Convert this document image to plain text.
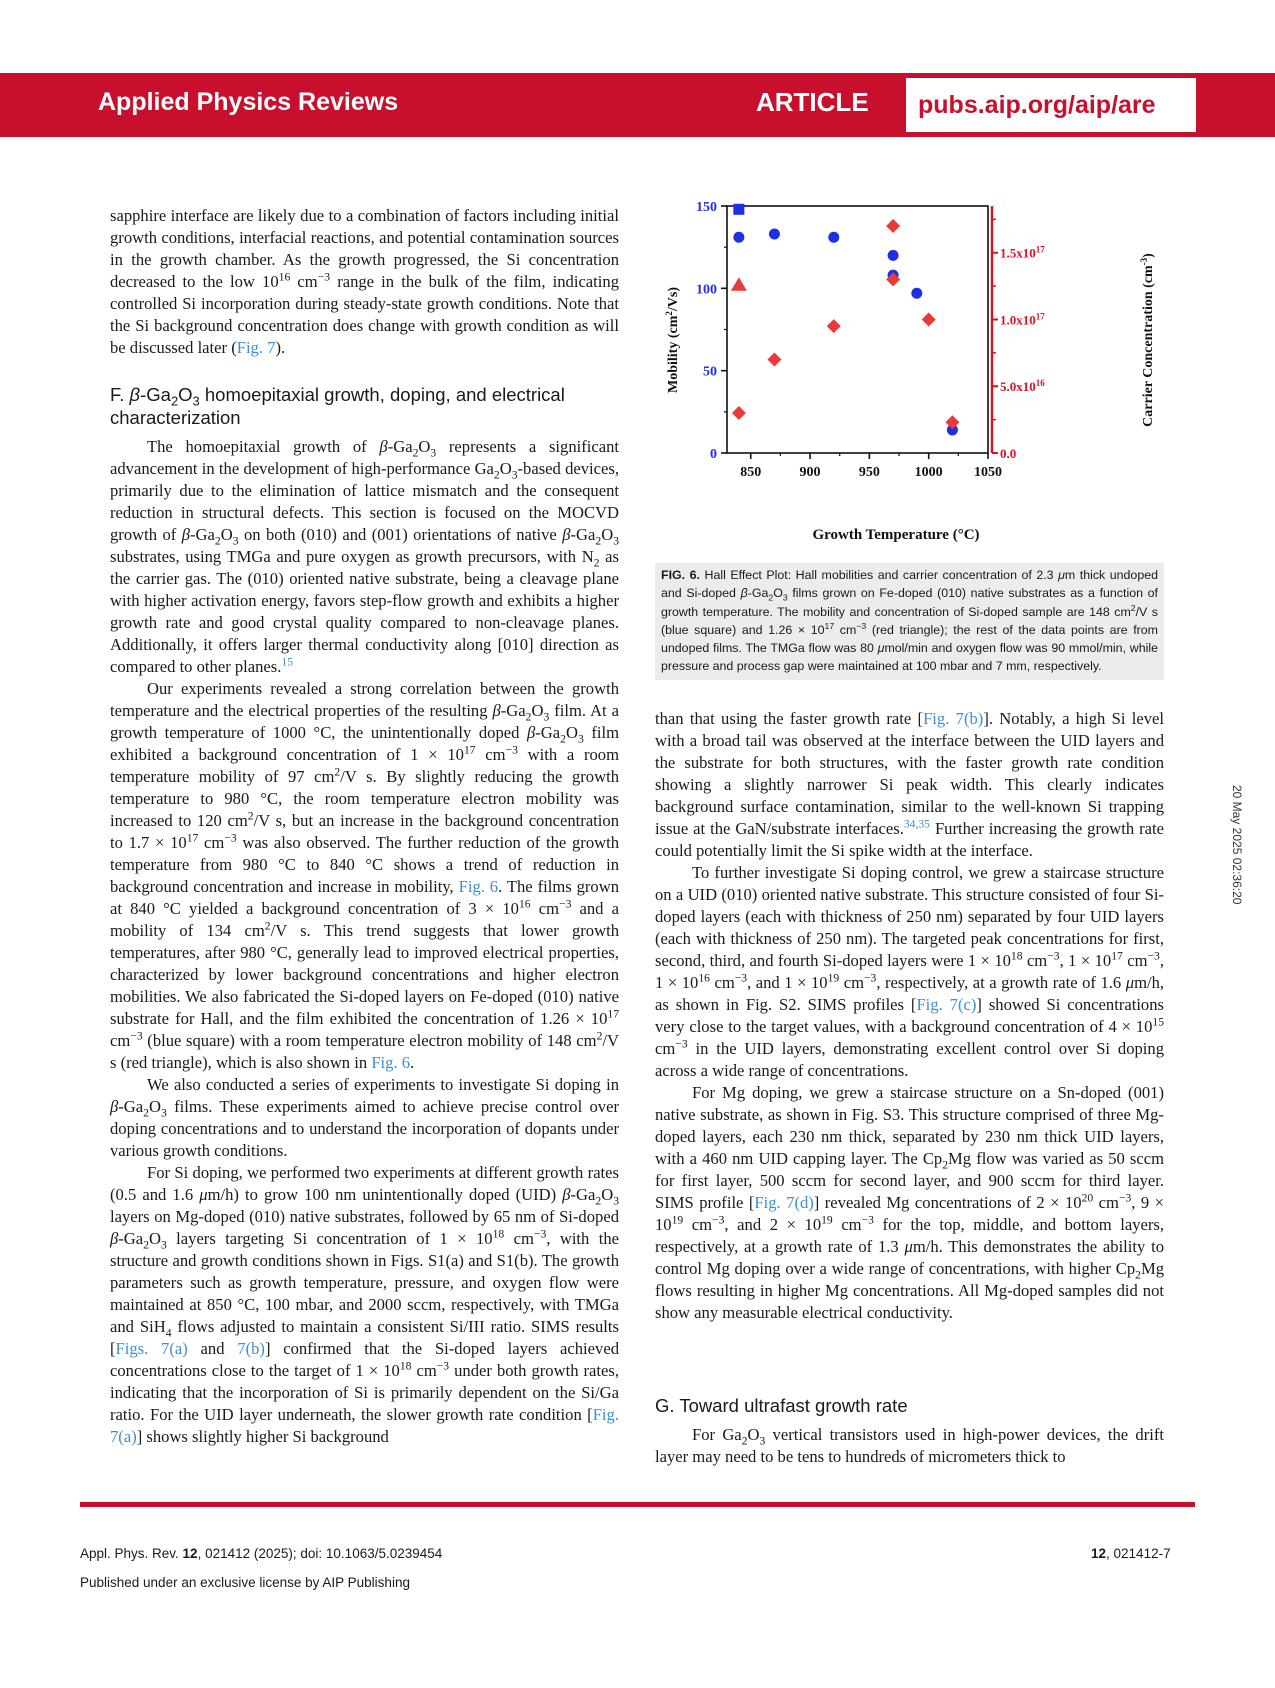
Applied Physics Reviews	ARTICLE pubs.aip.org/aip/are

sapphire interface are likely due to a combination of factors including initial growth conditions, interfacial reactions, and potential contamination sources in the growth chamber. As the growth progressed, the Si concentration decreased to the low $10^{16}$ $cm^{-3}$ range in the bulk of the film, indicating controlled Si incorporation during steady-state growth conditions. Note that the Si background concentration does change with growth condition as will be discussed later (Fig. 7).

F. $\beta-Ga_2O_3$ homoepitaxial growth, doping, and electrical characterization

The homoepitaxial growth of $\beta-Ga_2O_3$ represents a significant advancement in the development of high-performance $Ga_2O_3$-based devices, primarily due to the elimination of lattice mismatch and the consequent reduction in structural defects. This section is focused on the MOCVD growth of $\beta-Ga_2O_3$ on both (010) and (001) orientations of native $\beta-Ga_2O_3$ substrates, using TMGa and pure oxygen as growth precursors, with $N_2$ as the carrier gas. The (010) oriented native substrate, being a cleavage plane with higher activation energy, favors step-flow growth and exhibits a higher growth rate and good crystal quality compared to non-cleavage planes. Additionally, it offers larger thermal conductivity along [010] direction as compared to other planes.$^{15}$

Our experiments revealed a strong correlation between the growth temperature and the electrical properties of the resulting $\beta-Ga_2O_3$ film. At a growth temperature of 1000 °C, the unintentionally doped $\beta-Ga_2O_3$ film exhibited a background concentration of $1 \times 10^{17}$ $cm^{-3}$ with a room temperature mobility of 97 $cm^2/V$ s. By slightly reducing the growth temperature to 980 °C, the room temperature electron mobility was increased to 120 $cm^2/V$ s, but an increase in the background concentration to $1.7 \times 10^{17}$ $cm^{-3}$ was also observed. The further reduction of the growth temperature from 980 °C to 840 °C shows a trend of reduction in background concentration and increase in mobility, Fig. 6. The films grown at 840 °C yielded a background concentration of $3 \times 10^{16}$ $cm^{-3}$ and a mobility of 134 $cm^2/V$ s. This trend suggests that lower growth temperatures, after 980 °C, generally lead to improved electrical properties, characterized by lower background concentrations and higher electron mobilities. We also fabricated the Si-doped layers on Fe-doped (010) native substrate for Hall, and the film exhibited the concentration of $1.26 \times 10^{17}$ $cm^{-3}$ (blue square) with a room temperature electron mobility of 148 $cm^2/V$ s (red triangle), which is also shown in Fig. 6.

We also conducted a series of experiments to investigate Si doping in $\beta-Ga_2O_3$ films. These experiments aimed to achieve precise control over doping concentrations and to understand the incorporation of dopants under various growth conditions.

For Si doping, we performed two experiments at different growth rates (0.5 and 1.6 μm/h) to grow 100 nm unintentionally doped (UID) $\beta-Ga_2O_3$ layers on Mg-doped (010) native substrates, followed by 65 nm of Si-doped $\beta-Ga_2O_3$ layers targeting Si concentration of $1 \times 10^{18}$ $cm^{-3}$, with the structure and growth conditions shown in Figs. S1(a) and S1(b). The growth parameters such as growth temperature, pressure, and oxygen flow were maintained at 850 °C, 100 mbar, and 2000 sccm, respectively, with TMGa and SiH$_4$ flows adjusted to maintain a consistent Si/III ratio. SIMS results [Figs. 7(a) and 7(b)] confirmed that the Si-doped layers achieved concentrations close to the target of $1 \times 10^{18}$ $cm^{-3}$ under both growth rates, indicating that the incorporation of Si is primarily dependent on the Si/Ga ratio. For the UID layer underneath, the slower growth rate condition [Fig. 7(a)] shows slightly higher Si background

0
50
100
150
0.0
$5.0x10^{16}$
$1.0x10^{17}$
$1.5x10^{17}$
850	900	950 1000 1050
Growth Temperature (°C)
Mobility $(cm^2/Vs)$	Carrier Concentration $(cm^{-3})$
FIG. 6. Hall Effect Plot: Hall mobilities and carrier concentration of 2.3 μm thick undoped and Si-doped $\beta-Ga_2O_3$ films grown on Fe-doped (010) native substrates as a function of growth temperature. The mobility and concentration of Si-doped sample are 148 $cm^2/V$ s (blue square) and $1.26 \times 10^{17}$ $cm^{-3}$ (red triangle); the rest of the data points are from undoped films. The TMGa flow was 80 μmol/min and oxygen flow was 90 mmol/min, while pressure and process gap were maintained at 100 mbar and 7 mm, respectively.

than that using the faster growth rate [Fig. 7(b)]. Notably, a high Si level with a broad tail was observed at the interface between the UID layers and the substrate for both structures, with the faster growth rate condition showing a slightly narrower Si peak width. This clearly indicates background surface contamination, similar to the well-known Si trapping issue at the GaN/substrate interfaces.$^{34,35}$ Further increasing the growth rate could potentially limit the Si spike width at the interface.

To further investigate Si doping control, we grew a staircase structure on a UID (010) oriented native substrate. This structure consisted of four Si-doped layers (each with thickness of 250 nm) separated by four UID layers (each with thickness of 250 nm). The targeted peak concentrations for first, second, third, and fourth Si-doped layers were $1 \times 10^{18}$ $cm^{-3}$, $1 \times 10^{17}$ $cm^{-3}$, $1 \times 10^{16}$ $cm^{-3}$, and $1 \times 10^{19}$ $cm^{-3}$, respectively, at a growth rate of 1.6 μm/h, as shown in Fig. S2. SIMS profiles [Fig. 7(c)] showed Si concentrations very close to the target values, with a background concentration of $4 \times 10^{15}$ $cm^{-3}$ in the UID layers, demonstrating excellent control over Si doping across a wide range of concentrations.

For Mg doping, we grew a staircase structure on a Sn-doped (001) native substrate, as shown in Fig. S3. This structure comprised of three Mg-doped layers, each 230 nm thick, separated by 230 nm thick UID layers, with a 460 nm UID capping layer. The $Cp_2Mg$ flow was varied as 50 sccm for first layer, 500 sccm for second layer, and 900 sccm for third layer. SIMS profile [Fig. 7(d)] revealed Mg concentrations of $2 \times 10^{20}$ $cm^{-3}$, $9 \times 10^{19}$ $cm^{-3}$, and $2 \times 10^{19}$ $cm^{-3}$ for the top, middle, and bottom layers, respectively, at a growth rate of 1.3 μm/h. This demonstrates the ability to control Mg doping over a wide range of concentrations, with higher $Cp_2Mg$ flows resulting in higher Mg concentrations. All Mg-doped samples did not show any measurable electrical conductivity.

G. Toward ultrafast growth rate

For $Ga_2O_3$ vertical transistors used in high-power devices, the drift layer may need to be tens to hundreds of micrometers thick to

20 May 2025 02:36:20
Appl. Phys. Rev. 12, 021412 (2025); doi: 10.1063/5.0239454	12, 021412-7
Published under an exclusive license by AIP Publishing
